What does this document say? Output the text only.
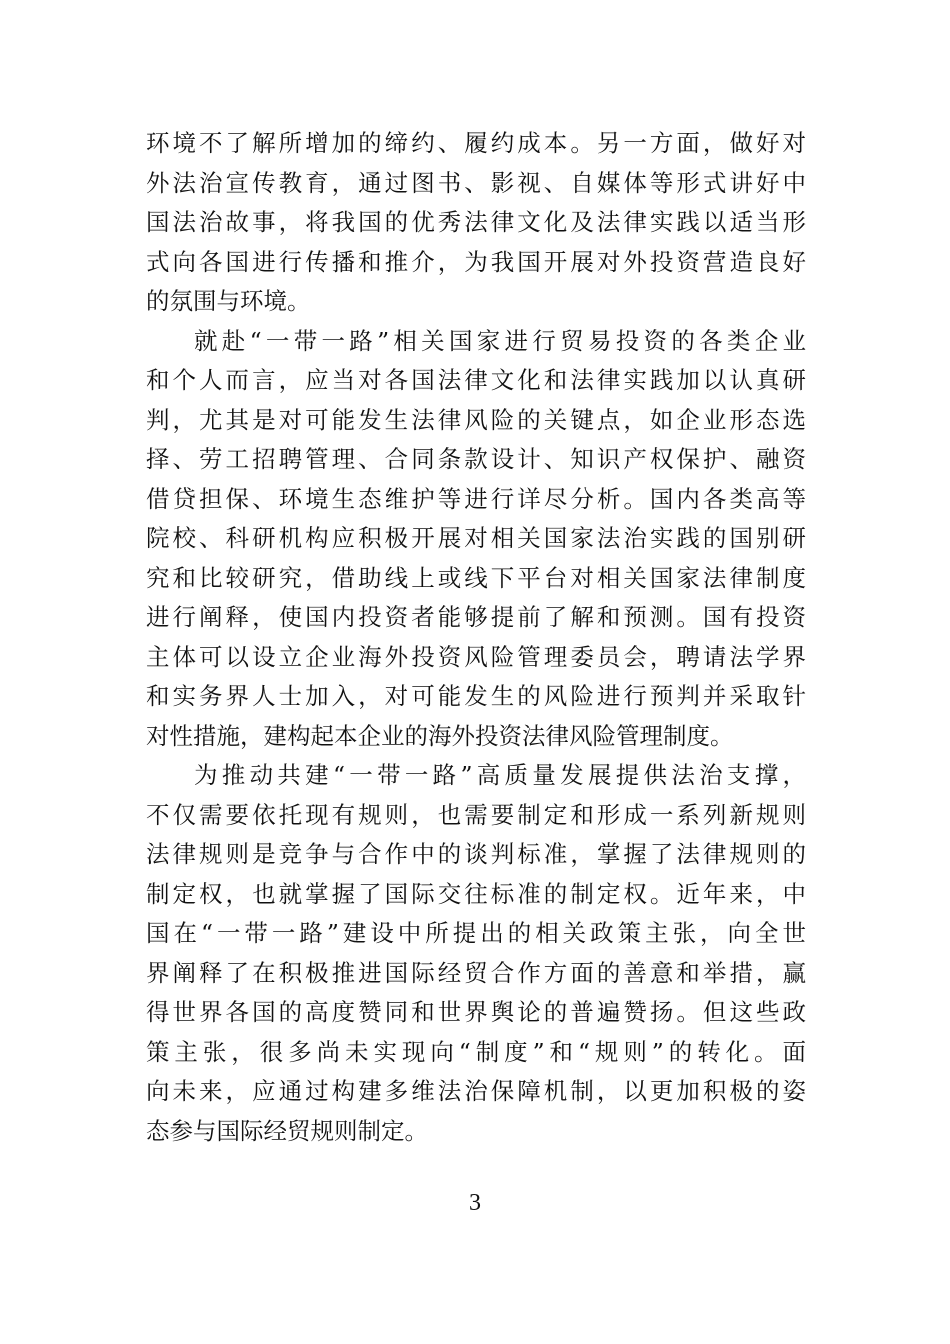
环境不了解所增加的缔约、履约成本。另一方面，做好对
外法治宣传教育，通过图书、影视、自媒体等形式讲好中
国法治故事，将我国的优秀法律文化及法律实践以适当形
式向各国进行传播和推介，为我国开展对外投资营造良好
的氛围与环境。
就赴“一带一路”相关国家进行贸易投资的各类企业
和个人而言，应当对各国法律文化和法律实践加以认真研
判，尤其是对可能发生法律风险的关键点，如企业形态选
择、劳工招聘管理、合同条款设计、知识产权保护、融资
借贷担保、环境生态维护等进行详尽分析。国内各类高等
院校、科研机构应积极开展对相关国家法治实践的国别研
究和比较研究，借助线上或线下平台对相关国家法律制度
进行阐释，使国内投资者能够提前了解和预测。国有投资
主体可以设立企业海外投资风险管理委员会，聘请法学界
和实务界人士加入，对可能发生的风险进行预判并采取针
对性措施，建构起本企业的海外投资法律风险管理制度。
为推动共建“一带一路”高质量发展提供法治支撑，
不仅需要依托现有规则，也需要制定和形成一系列新规则
法律规则是竞争与合作中的谈判标准，掌握了法律规则的
制定权，也就掌握了国际交往标准的制定权。近年来，中
国在“一带一路”建设中所提出的相关政策主张，向全世
界阐释了在积极推进国际经贸合作方面的善意和举措，赢
得世界各国的高度赞同和世界舆论的普遍赞扬。但这些政
策主张，很多尚未实现向“制度”和“规则”的转化。面
向未来，应通过构建多维法治保障机制，以更加积极的姿
态参与国际经贸规则制定。
3
